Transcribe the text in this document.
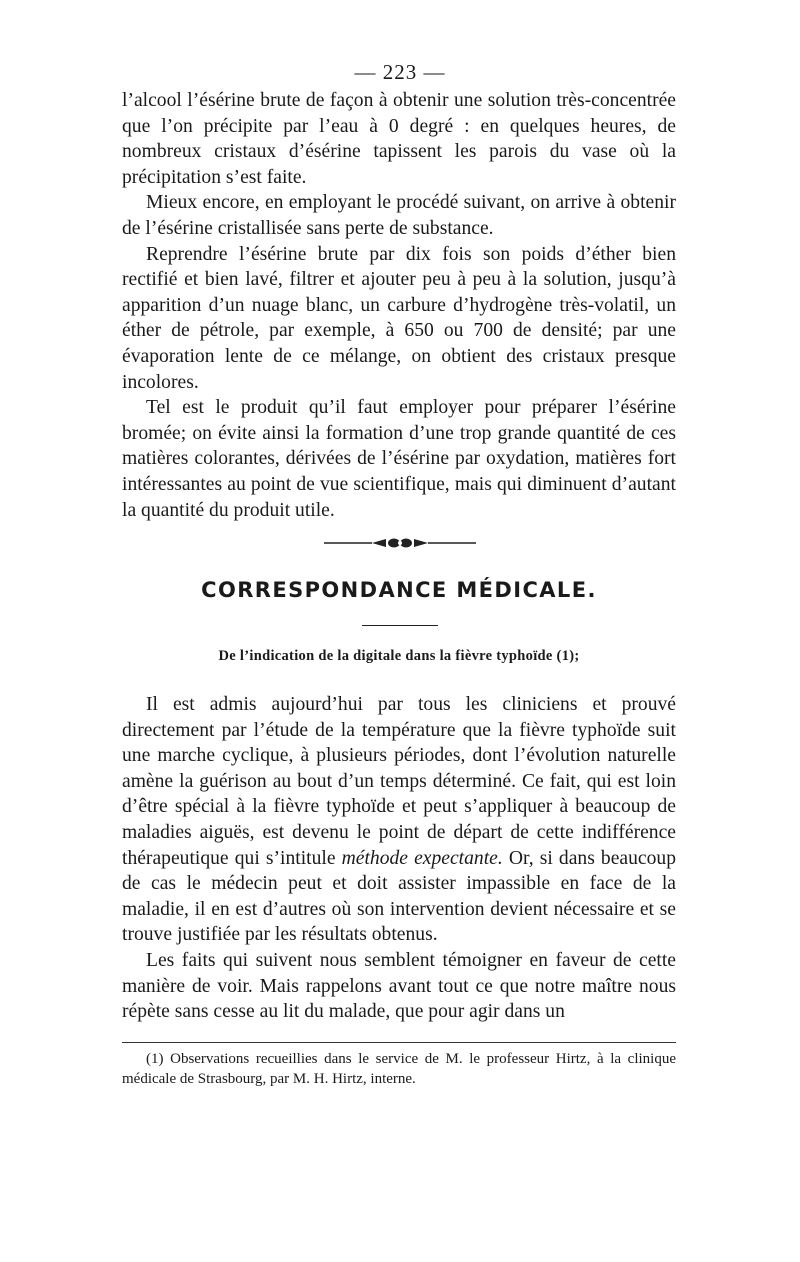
— 223 —

l’alcool l’ésérine brute de façon à obtenir une solution très-concentrée que l’on précipite par l’eau à 0 degré : en quelques heures, de nombreux cristaux d’ésérine tapissent les parois du vase où la précipitation s’est faite.

Mieux encore, en employant le procédé suivant, on arrive à obtenir de l’ésérine cristallisée sans perte de substance.

Reprendre l’ésérine brute par dix fois son poids d’éther bien rectifié et bien lavé, filtrer et ajouter peu à peu à la solution, jusqu’à apparition d’un nuage blanc, un carbure d’hydrogène très-volatil, un éther de pétrole, par exemple, à 650 ou 700 de densité; par une évaporation lente de ce mélange, on obtient des cristaux presque incolores.

Tel est le produit qu’il faut employer pour préparer l’ésérine bromée; on évite ainsi la formation d’une trop grande quantité de ces matières colorantes, dérivées de l’ésérine par oxydation, matières fort intéressantes au point de vue scientifique, mais qui diminuent d’autant la quantité du produit utile.

CORRESPONDANCE MÉDICALE.
De l’indication de la digitale dans la fièvre typhoïde (1);

Il est admis aujourd’hui par tous les cliniciens et prouvé directement par l’étude de la température que la fièvre typhoïde suit une marche cyclique, à plusieurs périodes, dont l’évolution naturelle amène la guérison au bout d’un temps déterminé. Ce fait, qui est loin d’être spécial à la fièvre typhoïde et peut s’appliquer à beaucoup de maladies aiguës, est devenu le point de départ de cette indifférence thérapeutique qui s’intitule méthode expectante. Or, si dans beaucoup de cas le médecin peut et doit assister impassible en face de la maladie, il en est d’autres où son intervention devient nécessaire et se trouve justifiée par les résultats obtenus.

Les faits qui suivent nous semblent témoigner en faveur de cette manière de voir. Mais rappelons avant tout ce que notre maître nous répète sans cesse au lit du malade, que pour agir dans un

(1) Observations recueillies dans le service de M. le professeur Hirtz, à la clinique médicale de Strasbourg, par M. H. Hirtz, interne.
